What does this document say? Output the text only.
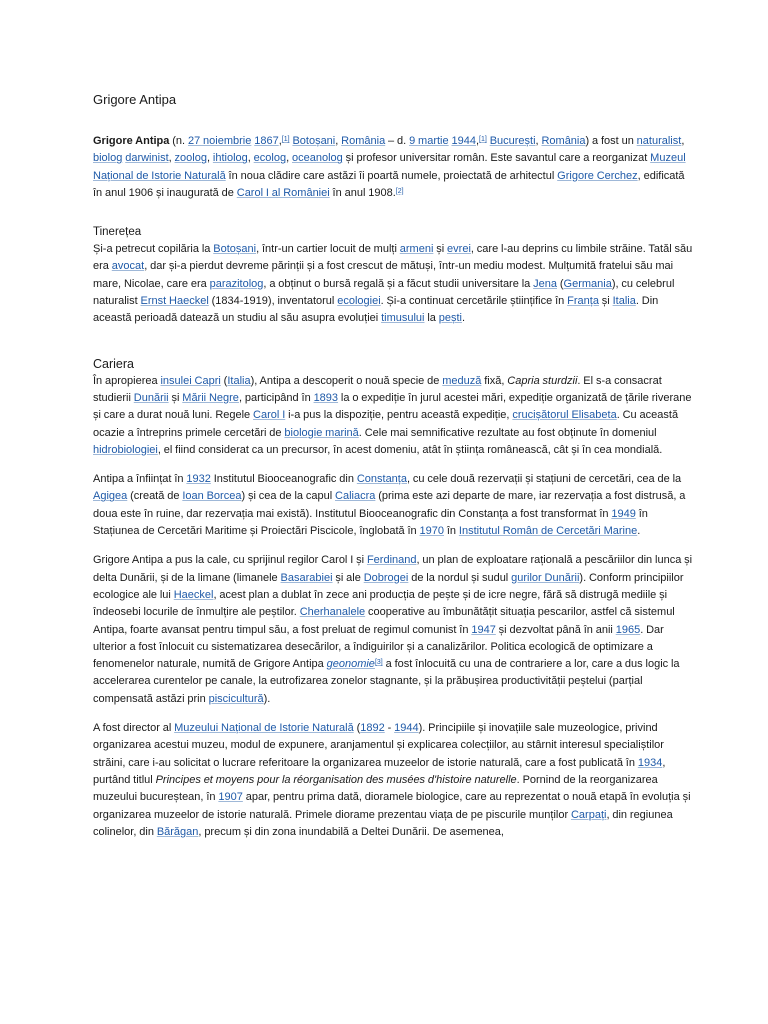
Grigore Antipa

Grigore Antipa (n. 27 noiembrie 1867,[1] Botoșani, România – d. 9 martie 1944,[1] București, România) a fost un naturalist, biolog darwinist, zoolog, ihtiolog, ecolog, oceanolog și profesor universitar român. Este savantul care a reorganizat Muzeul Național de Istorie Naturală în noua clădire care astăzi îi poartă numele, proiectată de arhitectul Grigore Cerchez, edificată în anul 1906 și inaugurată de Carol I al României în anul 1908.[2]

Tinerețea

Și-a petrecut copilăria la Botoșani, într-un cartier locuit de mulți armeni și evrei, care l-au deprins cu limbile străine. Tatăl său era avocat, dar și-a pierdut devreme părinții și a fost crescut de mătuși, într-un mediu modest. Mulțumită fratelui său mai mare, Nicolae, care era parazitolog, a obținut o bursă regală și a făcut studii universitare la Jena (Germania), cu celebrul naturalist Ernst Haeckel (1834-1919), inventatorul ecologiei. Și-a continuat cercetările științifice în Franța și Italia. Din această perioadă datează un studiu al său asupra evoluției timusului la pești.

Cariera

În apropierea insulei Capri (Italia), Antipa a descoperit o nouă specie de meduză fixă, Capria sturdzii. El s-a consacrat studierii Dunării și Mării Negre, participând în 1893 la o expediție în jurul acestei mări, expediție organizată de țările riverane și care a durat nouă luni. Regele Carol I i-a pus la dispoziție, pentru această expediție, crucișătorul Elisabeta. Cu această ocazie a întreprins primele cercetări de biologie marină. Cele mai semnificative rezultate au fost obținute în domeniul hidrobiologiei, el fiind considerat ca un precursor, în acest domeniu, atât în știința românească, cât și în cea mondială.

Antipa a înființat în 1932 Institutul Biooceanografic din Constanța, cu cele două rezervații și stațiuni de cercetări, cea de la Agigea (creată de Ioan Borcea) și cea de la capul Caliacra (prima este azi departe de mare, iar rezervația a fost distrusă, a doua este în ruine, dar rezervația mai există). Institutul Biooceanografic din Constanța a fost transformat în 1949 în Stațiunea de Cercetări Maritime și Proiectări Piscicole, înglobată în 1970 în Institutul Român de Cercetări Marine.

Grigore Antipa a pus la cale, cu sprijinul regilor Carol I și Ferdinand, un plan de exploatare rațională a pescăriilor din lunca și delta Dunării, și de la limane (limanele Basarabiei și ale Dobrogei de la nordul și sudul gurilor Dunării). Conform principiilor ecologice ale lui Haeckel, acest plan a dublat în zece ani producția de pește și de icre negre, fără să distrugă mediile și îndeosebi locurile de înmulțire ale peștilor. Cherhanalele cooperative au îmbunătățit situația pescarilor, astfel că sistemul Antipa, foarte avansat pentru timpul său, a fost preluat de regimul comunist în 1947 și dezvoltat până în anii 1965. Dar ulterior a fost înlocuit cu sistematizarea desecărilor, a îndiguirilor și a canalizărilor. Politica ecologică de optimizare a fenomenelor naturale, numită de Grigore Antipa geonomie[3] a fost înlocuită cu una de contrariere a lor, care a dus logic la accelerarea curentelor pe canale, la eutrofizarea zonelor stagnante, și la prăbușirea productivității peștelui (parțial compensată astăzi prin piscicultură).

A fost director al Muzeului Național de Istorie Naturală (1892 - 1944). Principiile și inovațiile sale muzeologice, privind organizarea acestui muzeu, modul de expunere, aranjamentul și explicarea colecțiilor, au stârnit interesul specialiștilor străini, care i-au solicitat o lucrare referitoare la organizarea muzeelor de istorie naturală, care a fost publicată în 1934, purtând titlul Principes et moyens pour la réorganisation des musées d'histoire naturelle. Pornind de la reorganizarea muzeului bucureștean, în 1907 apar, pentru prima dată, dioramele biologice, care au reprezentat o nouă etapă în evoluția și organizarea muzeelor de istorie naturală. Primele diorame prezentau viața de pe piscurile munților Carpați, din regiunea colinelor, din Bărăgan, precum și din zona inundabilă a Deltei Dunării. De asemenea,
